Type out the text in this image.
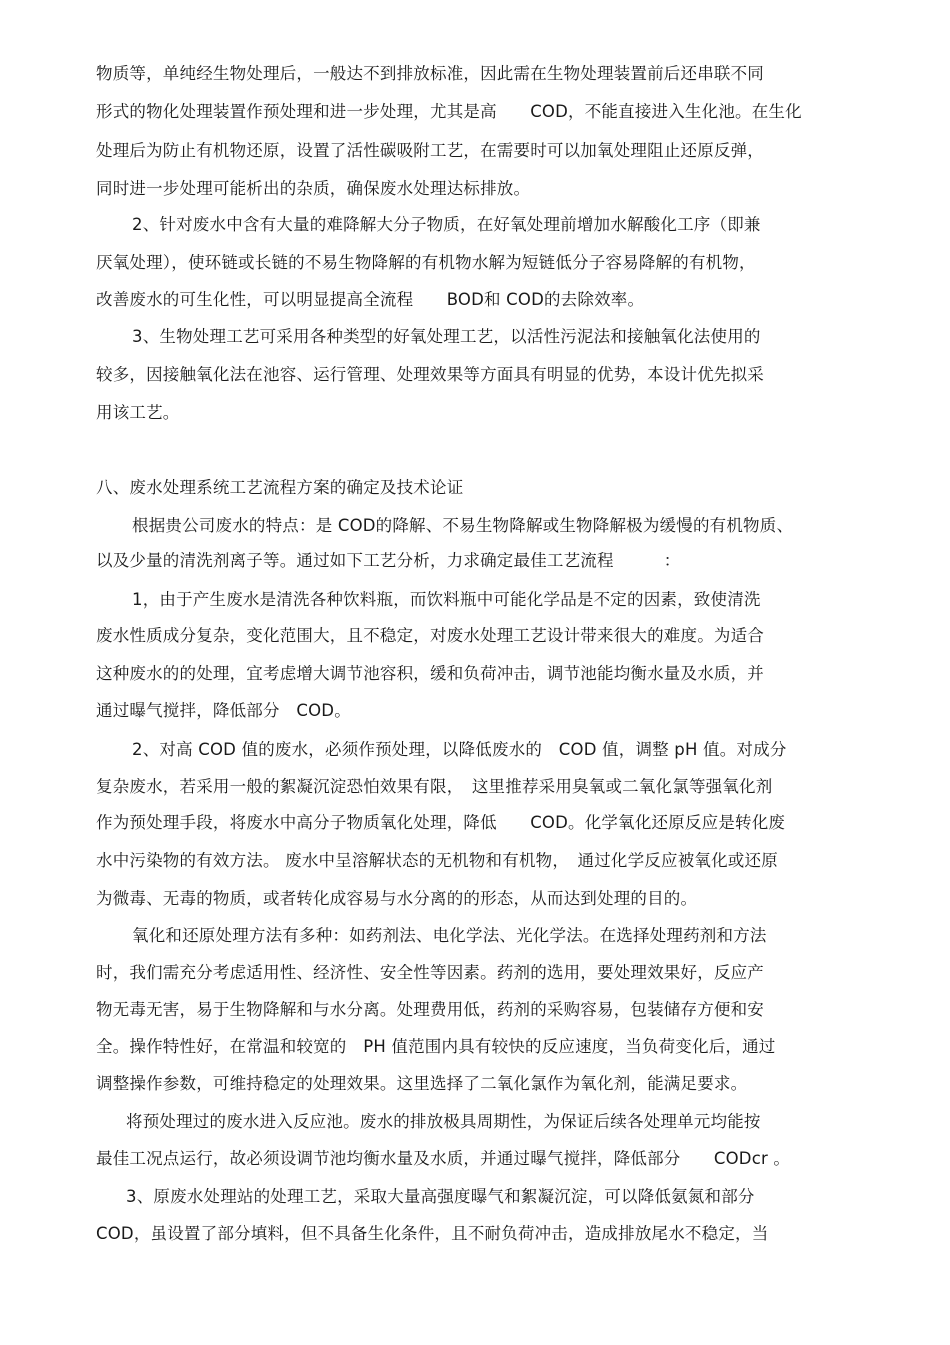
物质等，单纯经生物处理后，一般达不到排放标准，因此需在生物处理装置前后还串联不同
形式的物化处理装置作预处理和进一步处理，尤其是高　　COD，不能直接进入生化池。在生化
处理后为防止有机物还原，设置了活性碳吸附工艺，在需要时可以加氧处理阻止还原反弹，
同时进一步处理可能析出的杂质，确保废水处理达标排放。
2、针对废水中含有大量的难降解大分子物质，在好氧处理前增加水解酸化工序（即兼
厌氧处理），使环链或长链的不易生物降解的有机物水解为短链低分子容易降解的有机物，
改善废水的可生化性，可以明显提高全流程　　BOD和 COD的去除效率。
3、生物处理工艺可采用各种类型的好氧处理工艺，以活性污泥法和接触氧化法使用的
较多，因接触氧化法在池容、运行管理、处理效果等方面具有明显的优势，本设计优先拟采
用该工艺。
八、废水处理系统工艺流程方案的确定及技术论证
根据贵公司废水的特点：是 COD的降解、不易生物降解或生物降解极为缓慢的有机物质、
以及少量的清洗剂离子等。通过如下工艺分析，力求确定最佳工艺流程　　　：
1，由于产生废水是清洗各种饮料瓶，而饮料瓶中可能化学品是不定的因素，致使清洗
废水性质成分复杂，变化范围大，且不稳定，对废水处理工艺设计带来很大的难度。为适合
这种废水的的处理，宜考虑增大调节池容积，缓和负荷冲击，调节池能均衡水量及水质，并
通过曝气搅拌，降低部分　COD。
2、对高 COD 值的废水，必须作预处理，以降低废水的　COD 值，调整 pH 值。对成分
复杂废水，若采用一般的絮凝沉淀恐怕效果有限，　这里推荐采用臭氧或二氧化氯等强氧化剂
作为预处理手段，将废水中高分子物质氧化处理，降低　　COD。化学氧化还原反应是转化废
水中污染物的有效方法。 废水中呈溶解状态的无机物和有机物，　通过化学反应被氧化或还原
为微毒、无毒的物质，或者转化成容易与水分离的的形态，从而达到处理的目的。
氧化和还原处理方法有多种：如药剂法、电化学法、光化学法。在选择处理药剂和方法
时，我们需充分考虑适用性、经济性、安全性等因素。药剂的选用，要处理效果好，反应产
物无毒无害，易于生物降解和与水分离。处理费用低，药剂的采购容易，包装储存方便和安
全。操作特性好，在常温和较宽的　PH 值范围内具有较快的反应速度，当负荷变化后，通过
调整操作参数，可维持稳定的处理效果。这里选择了二氧化氯作为氧化剂，能满足要求。
将预处理过的废水进入反应池。废水的排放极具周期性，为保证后续各处理单元均能按
最佳工况点运行，故必须设调节池均衡水量及水质，并通过曝气搅拌，降低部分　　CODcr 。
3、原废水处理站的处理工艺，采取大量高强度曝气和絮凝沉淀，可以降低氨氮和部分
COD，虽设置了部分填料，但不具备生化条件，且不耐负荷冲击，造成排放尾水不稳定，当
